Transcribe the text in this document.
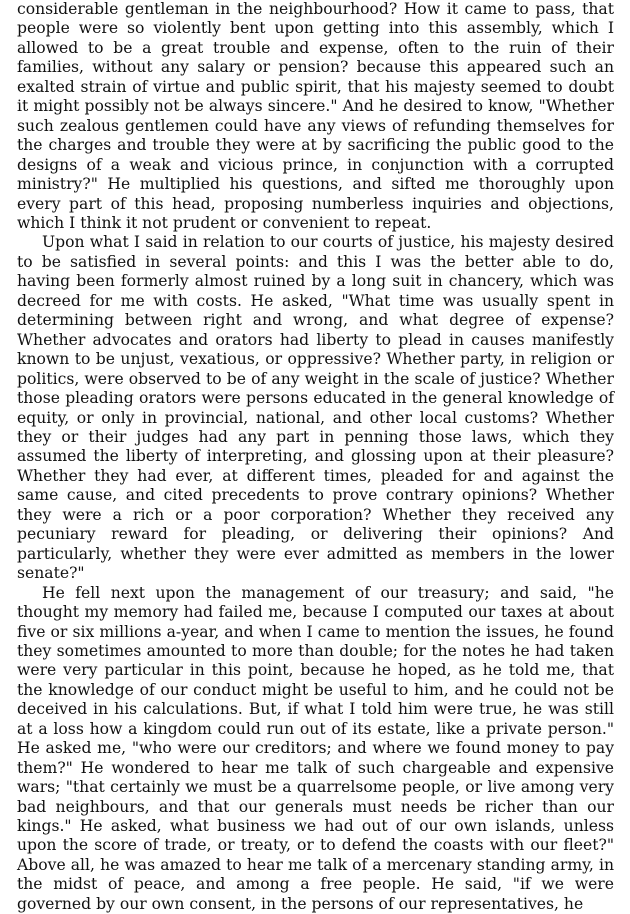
considerable gentleman in the neighbourhood? How it came to pass, that people were so violently bent upon getting into this assembly, which I allowed to be a great trouble and expense, often to the ruin of their families, without any salary or pension? because this appeared such an exalted strain of virtue and public spirit, that his majesty seemed to doubt it might possibly not be always sincere." And he desired to know, "Whether such zealous gentlemen could have any views of refunding themselves for the charges and trouble they were at by sacrificing the public good to the designs of a weak and vicious prince, in conjunction with a corrupted ministry?" He multiplied his questions, and sifted me thoroughly upon every part of this head, proposing numberless inquiries and objections, which I think it not prudent or convenient to repeat.

Upon what I said in relation to our courts of justice, his majesty desired to be satisfied in several points: and this I was the better able to do, having been formerly almost ruined by a long suit in chancery, which was decreed for me with costs. He asked, "What time was usually spent in determining between right and wrong, and what degree of expense? Whether advocates and orators had liberty to plead in causes manifestly known to be unjust, vexatious, or oppressive? Whether party, in religion or politics, were observed to be of any weight in the scale of justice? Whether those pleading orators were persons educated in the general knowledge of equity, or only in provincial, national, and other local customs? Whether they or their judges had any part in penning those laws, which they assumed the liberty of interpreting, and glossing upon at their pleasure? Whether they had ever, at different times, pleaded for and against the same cause, and cited precedents to prove contrary opinions? Whether they were a rich or a poor corporation? Whether they received any pecuniary reward for pleading, or delivering their opinions? And particularly, whether they were ever admitted as members in the lower senate?"

He fell next upon the management of our treasury; and said, "he thought my memory had failed me, because I computed our taxes at about five or six millions a-year, and when I came to mention the issues, he found they sometimes amounted to more than double; for the notes he had taken were very particular in this point, because he hoped, as he told me, that the knowledge of our conduct might be useful to him, and he could not be deceived in his calculations. But, if what I told him were true, he was still at a loss how a kingdom could run out of its estate, like a private person." He asked me, "who were our creditors; and where we found money to pay them?" He wondered to hear me talk of such chargeable and expensive wars; "that certainly we must be a quarrelsome people, or live among very bad neighbours, and that our generals must needs be richer than our kings." He asked, what business we had out of our own islands, unless upon the score of trade, or treaty, or to defend the coasts with our fleet?" Above all, he was amazed to hear me talk of a mercenary standing army, in the midst of peace, and among a free people. He said, "if we were governed by our own consent, in the persons of our representatives, he
